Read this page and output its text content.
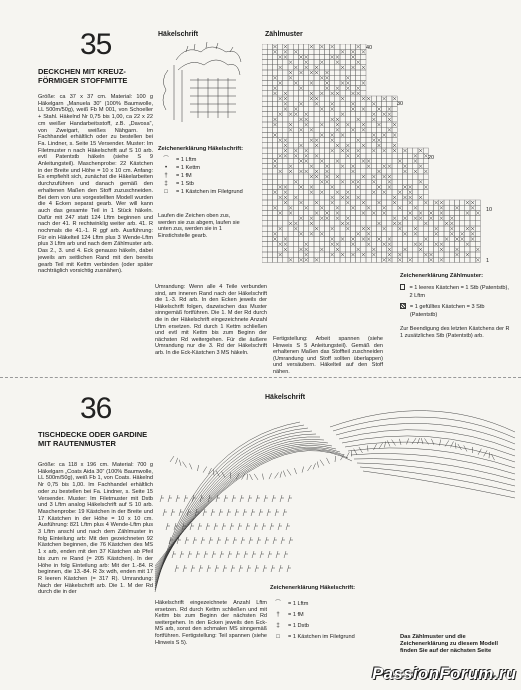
35
DECKCHEN MIT KREUZ-FÖRMIGER STOFFMITTE
Größe: ca 37 x 37 cm. Material: 100 g Häkelgarn „Manuela 30“ (100% Baumwolle, LL 500m/50g), weiß Fb M 001, von Schoeller + Stahl. Häkelnd Nr 0,75 bis 1,00, ca 22 x 22 cm weißer Handarbeitsstoff, z.B. „Davosa“, von Zweigart, weißes Nähgarn. Im Fachhandel erhältlich oder zu bestellen bei Fa. Lindner, s. Seite 15 Versender. Muster: Im Filetmuster n nach Häkelschrift auf S 10 arb. evtl Patentstb häkeln (siehe S 9 Anleitungsteil). Maschenprobe: 22 Kästchen in der Breite und Höhe = 10 x 10 cm. Anfang: Es empfiehlt sich, zunächst die Häkelarbeiten durchzuführen und danach gemäß den erhaltenen Maßen den Stoff zuzuschneiden. Bei dem von uns vorgestellten Modell wurden die 4 Ecken separat gearb. Wer will kann auch das gesamte Teil in 1 Stück häkeln. Dafür mit 247 statt 124 Lftm beginnen und nach der 41. R rechtwinklig weiter arb. 41. R nochmals die 41.-1. R ggf arb. Ausführung: Für ein Häkelteil 124 Lftm plus 3 Wende-Lftm plus 3 Lftm arb und nach dem Zählmuster arb. Das 2., 3. und 4. Eck genauso häkeln, dabei jeweils am seitlichen Rand mit den bereits gearb Teil mit Kettm verbinden (oder später nachträglich vorsichtig zusnähen).
Häkelschrift
Zeichenerklärung Häkelschrift:
⌒	= 1 Lftm
•	= 1 Kettm
†	= 1 fM
‡	= 1 Stb
□	= 1 Kästchen im Filetgrund
Laufen die Zeichen oben zus, werden sie zus abgem, laufen sie unten zus, werden sie in 1 Einstichstelle gearb.
Zählmuster
40
30
20
10
1
Umrandung: Wenn alle 4 Teile verbunden sind, am inneren Rand nach der Häkelschrift die 1.-3. Rd arb. In den Ecken jeweils der Häkelschrift folgen, dazwischen das Muster sinngemäß fortführen. Die 1. M der Rd durch die in der Häkelschrift eingezeichnete Anzahl Lftm ersetzen. Rd durch 1 Kettm schließen und evtl mit Kettm bis zum Beginn der nächsten Rd weitergehen. Für die äußere Umrandung nur die 3. Rd der Häkelschrift arb. In die Eck-Kästchen 3 MS häkeln.
Fertigstellung: Arbeit spannen (siehe Hinweis S 5 Anleitungsteil). Gemäß den erhaltenen Maßen das Stoffteil zuschneiden (Umrandung und Stoff sollten überlappen) und versäubern. Häkelteil auf den Stoff nähen.
Zeichenerklärung Zählmuster:
= 1 leeres Kästchen = 1 Stb (Patentstb), 2 Lftm
= 1 gefülltes Kästchen = 3 Stb (Patentstb)
Zur Beendigung des letzten Kästchens der R 1 zusätzliches Stb (Patentstb) arb.
36
TISCHDECKE ODER GARDINE MIT RAUTENMUSTER
Größe: ca 118 x 196 cm. Material: 700 g Häkelgarn „Coats Aida 30“ (100% Baumwolle, LL 500m/50g), weiß Fb 1, von Coats. Häkelnd Nr 0,75 bis 1,00. Im Fachhandel erhältlich oder zu bestellen bei Fa. Lindner, s. Seite 15 Versender. Muster: Im Filetmuster mit Dstb und 3 Lftm analog Häkelschrift auf S 10 arb. Maschenprobe: 19 Kästchen in der Breite und 17 Kästchen in der Höhe = 10 x 10 cm. Ausführung: 821 Lftm plus 4 Wende-Lftm plus 3 Lftm anschl und nach dem Zählmuster in folg Einteilung arb: Mit den gezeichneten 92 Kästchen beginnen, die 76 Kästchen des MS 1 x arb, enden mit den 37 Kästchen ab Pfeil bis zum re Rand (= 205 Kästchen). In der Höhe in folg Einteilung arb: Mit der 1.-84. R beginnen, die 13.-84. R 3x wdh, enden mit 17 R leeren Kästchen (= 317 R). Umrandung: Nach der Häkelschrift arb. Die 1. M der Rd durch die in der
Häkelschrift
Zeichenerklärung Häkelschrift:
⌒	= 1 Lftm
†	= 1 fM
‡	= 1 Dstb
□	= 1 Kästchen im Filetgrund
Häkelschrift eingezeichnete Anzahl Lftm ersetzen. Rd durch Kettm schließen und mit Kettm bis zum Beginn der nächsten Rd weitergehen. In den Ecken jeweils den Eck-MS arb, sonst den schmalen MS sinngemäß fortführen. Fertigstellung: Teil spannen (siehe Hinweis S 5).
Das Zählmuster und die Zeichenerklärung zu diesem Modell finden Sie auf der nächsten Seite
PassionForum.ru
